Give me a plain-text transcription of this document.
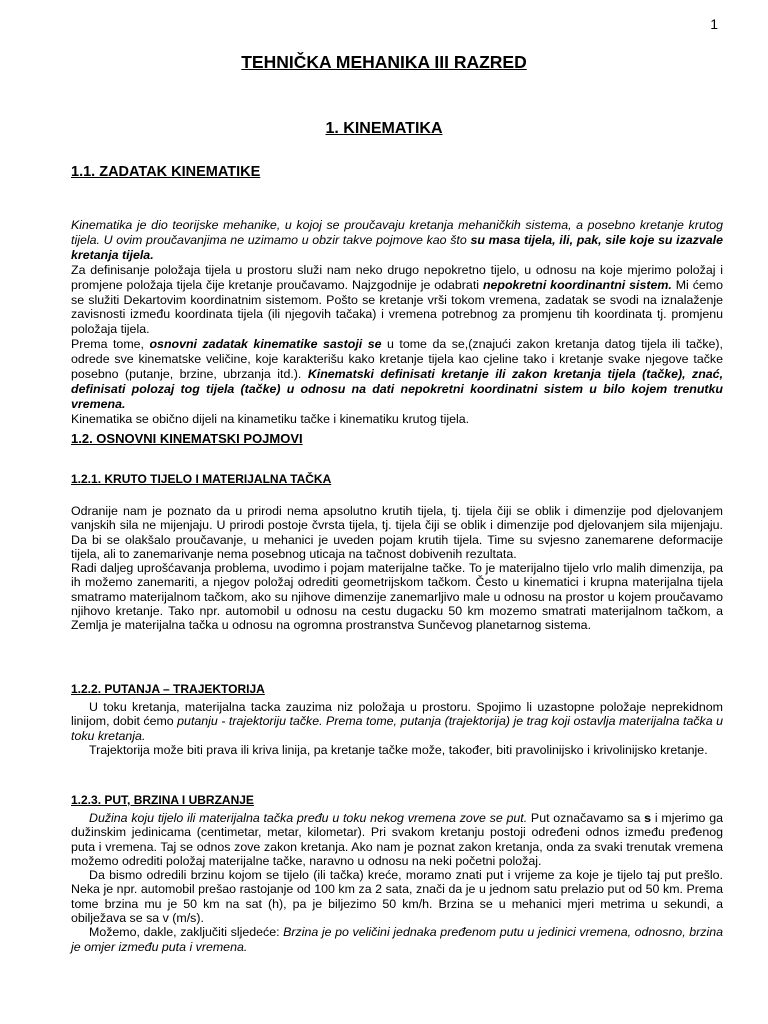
1
TEHNIČKA MEHANIKA III RAZRED
1. KINEMATIKA
1.1. ZADATAK KINEMATIKE

Kinematika je dio teorijske mehanike, u kojoj se proučavaju kretanja mehaničkih sistema, a posebno kretanje krutog tijela. U ovim proučavanjima ne uzimamo u obzir takve pojmove kao što su masa tijela, ili, pak, sile koje su izazvale kretanja tijela.

Za definisanje položaja tijela u prostoru služi nam neko drugo nepokretno tijelo, u odnosu na koje mjerimo položaj i promjene položaja tijela čije kretanje proučavamo. Najzgodnije je odabrati nepokretni koordinantni sistem. Mi ćemo se služiti Dekartovim koordinatnim sistemom. Pošto se kretanje vrši tokom vremena, zadatak se svodi na iznalaženje zavisnosti između koordinata tijela (ili njegovih tačaka) i vremena potrebnog za promjenu tih koordinata tj. promjenu položaja tijela.

Prema tome, osnovni zadatak kinematike sastoji se u tome da se,(znajući zakon kretanja datog tijela ili tačke), odrede sve kinematske veličine, koje karakterišu kako kretanje tijela kao cjeline tako i kretanje svake njegove tačke posebno (putanje, brzine, ubrzanja itd.). Kinematski definisati kretanje ili zakon kretanja tijela (tačke), znać, definisati polozaj tog tijela (tačke) u odnosu na dati nepokretni koordinatni sistem u bilo kojem trenutku vremena.

Kinematika se obično dijeli na kinametiku tačke i kinematiku krutog tijela.

1.2. OSNOVNI KINEMATSKI POJMOVI
1.2.1. KRUTO TIJELO I MATERIJALNA TAČKA

Odranije nam je poznato da u prirodi nema apsolutno krutih tijela, tj. tijela čiji se oblik i dimenzije pod djelovanjem vanjskih sila ne mijenjaju. U prirodi postoje čvrsta tijela, tj. tijela čiji se oblik i dimenzije pod djelovanjem sila mijenjaju. Da bi se olakšalo proučavanje, u mehanici je uveden pojam krutih tijela. Time su svjesno zanemarene deformacije tijela, ali to zanemarivanje nema posebnog uticaja na tačnost dobivenih rezultata.

Radi daljeg uprošćavanja problema, uvodimo i pojam materijalne tačke. To je materijalno tijelo vrlo malih dimenzija, pa ih možemo zanemariti, a njegov položaj odrediti geometrijskom tačkom. Često u kinematici i krupna materijalna tijela smatramo materijalnom tačkom, ako su njihove dimenzije zanemarljivo male u odnosu na prostor u kojem proučavamo njihovo kretanje. Tako npr. automobil u odnosu na cestu dugacku 50 km mozemo smatrati materijalnom tačkom, a Zemlja je materijalna tačka u odnosu na ogromna prostranstva Sunčevog planetarnog sistema.

1.2.2. PUTANJA – TRAJEKTORIJA

U toku kretanja, materijalna tacka zauzima niz položaja u prostoru. Spojimo li uzastopne položaje neprekidnom linijom, dobit ćemo putanju - trajektoriju tačke. Prema tome, putanja (trajektorija) je trag koji ostavlja materijalna tačka u toku kretanja.

Trajektorija može biti prava ili kriva linija, pa kretanje tačke može, također, biti pravolinijsko i krivolinijsko kretanje.

1.2.3. PUT, BRZINA I UBRZANJE

Dužina koju tijelo ili materijalna tačka pređu u toku nekog vremena zove se put. Put označavamo sa s i mjerimo ga dužinskim jedinicama (centimetar, metar, kilometar). Pri svakom kretanju postoji određeni odnos između pređenog puta i vremena. Taj se odnos zove zakon kretanja. Ako nam je poznat zakon kretanja, onda za svaki trenutak vremena možemo odrediti položaj materijalne tačke, naravno u odnosu na neki početni položaj.

Da bismo odredili brzinu kojom se tijelo (ili tačka) kreće, moramo znati put i vrijeme za koje je tijelo taj put prešlo. Neka je npr. automobil prešao rastojanje od 100 km za 2 sata, znači da je u jednom satu prelazio put od 50 km. Prema tome brzina mu je 50 km na sat (h), pa je biljezimo 50 km/h. Brzina se u mehanici mjeri metrima u sekundi, a obilježava se sa v (m/s).

Možemo, dakle, zaključiti sljedeće: Brzina je po veličini jednaka pređenom putu u jedinici vremena, odnosno, brzina je omjer između puta i vremena.
